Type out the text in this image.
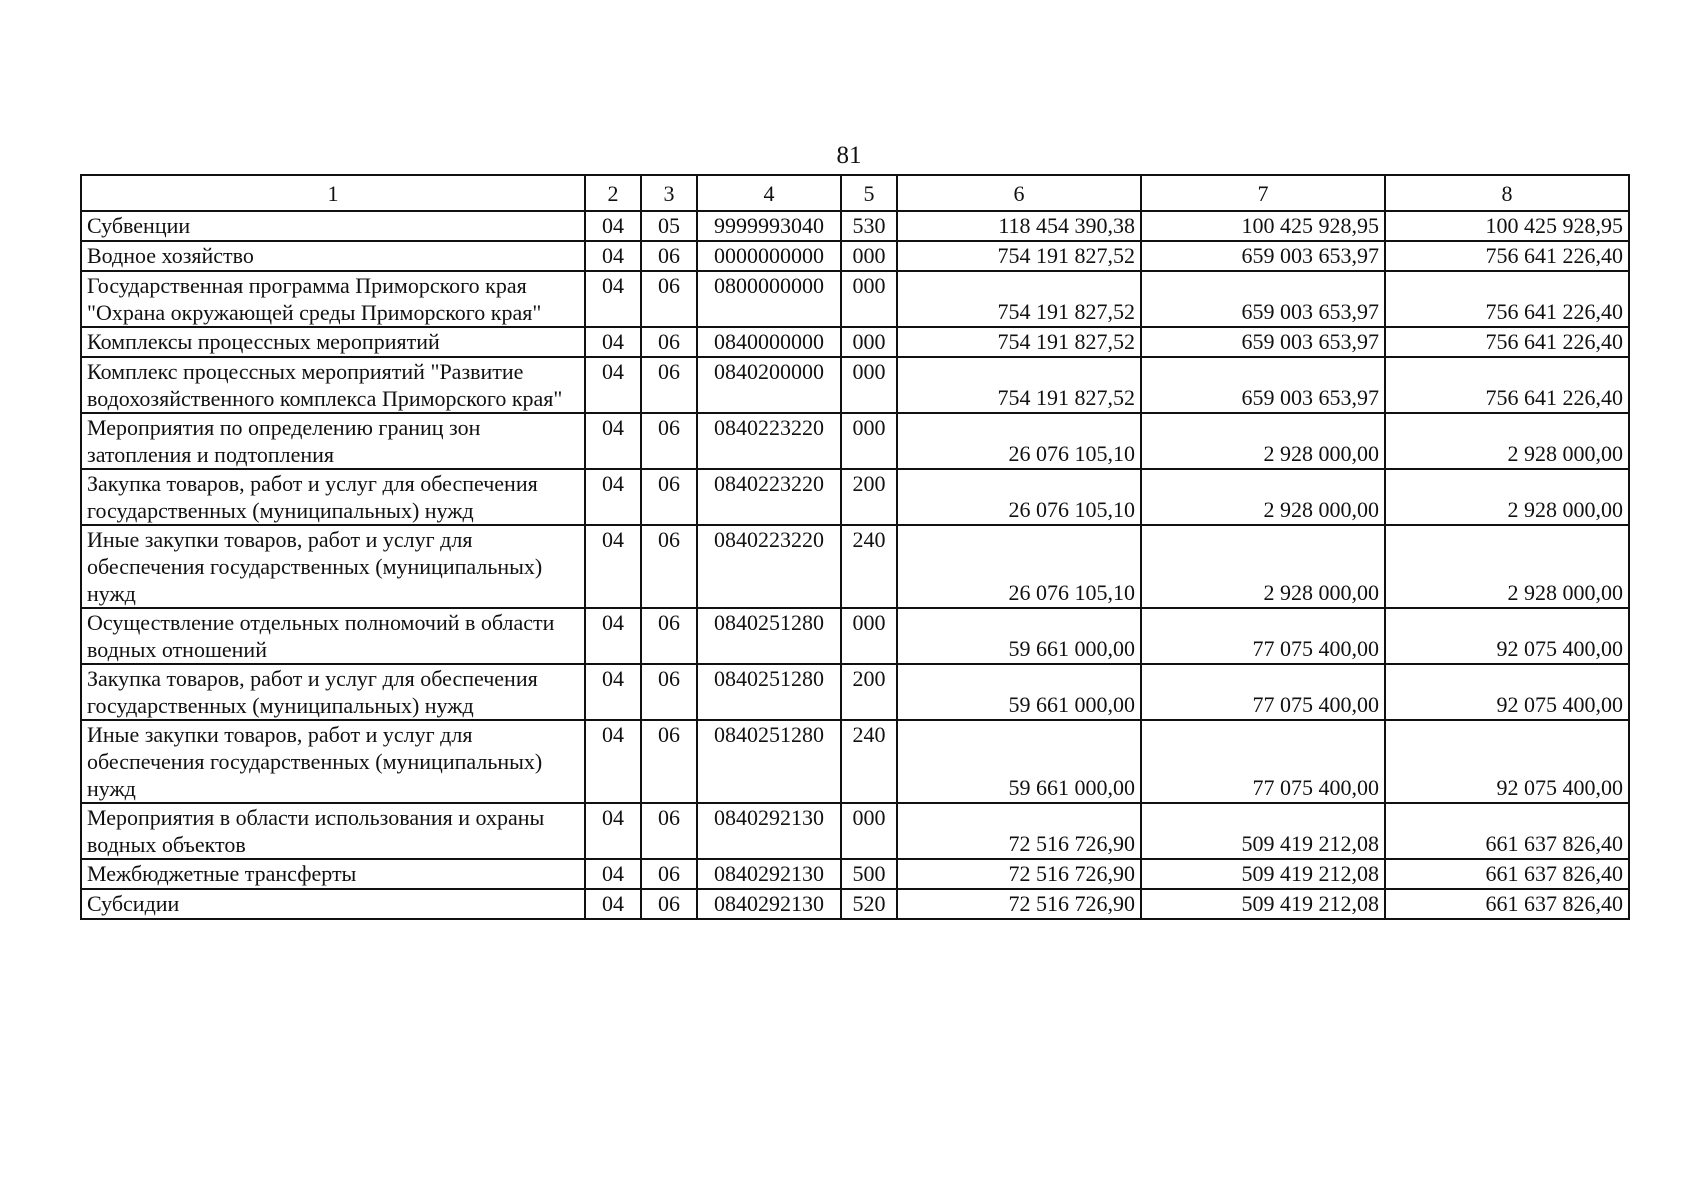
81
1	2	3	4	5	6	7	8
Субвенции	04	05	9999993040	530	118 454 390,38	100 425 928,95	100 425 928,95

Водное хозяйство	04	06	0000000000	000	754 191 827,52	659 003 653,97	756 641 226,40

Государственная программа Приморского края "Охрана окружающей среды Приморского края"	04	06	0800000000	000	754 191 827,52	659 003 653,97	756 641 226,40

Комплексы процессных мероприятий	04	06	0840000000	000	754 191 827,52	659 003 653,97	756 641 226,40

Комплекс процессных мероприятий "Развитие водохозяйственного комплекса Приморского края"	04	06	0840200000	000	754 191 827,52	659 003 653,97	756 641 226,40

Мероприятия по определению границ зон затопления и подтопления	04	06	0840223220	000	26 076 105,10	2 928 000,00	2 928 000,00

Закупка товаров, работ и услуг для обеспечения государственных (муниципальных) нужд	04	06	0840223220	200	26 076 105,10	2 928 000,00	2 928 000,00

Иные закупки товаров, работ и услуг для обеспечения государственных (муниципальных) нужд	04	06	0840223220	240	26 076 105,10	2 928 000,00	2 928 000,00

Осуществление отдельных полномочий в области водных отношений	04	06	0840251280	000	59 661 000,00	77 075 400,00	92 075 400,00

Закупка товаров, работ и услуг для обеспечения государственных (муниципальных) нужд	04	06	0840251280	200	59 661 000,00	77 075 400,00	92 075 400,00

Иные закупки товаров, работ и услуг для обеспечения государственных (муниципальных) нужд	04	06	0840251280	240	59 661 000,00	77 075 400,00	92 075 400,00

Мероприятия в области использования и охраны водных объектов	04	06	0840292130	000	72 516 726,90	509 419 212,08	661 637 826,40

Межбюджетные трансферты	04	06	0840292130	500	72 516 726,90	509 419 212,08	661 637 826,40

Субсидии	04	06	0840292130	520	72 516 726,90	509 419 212,08	661 637 826,40
